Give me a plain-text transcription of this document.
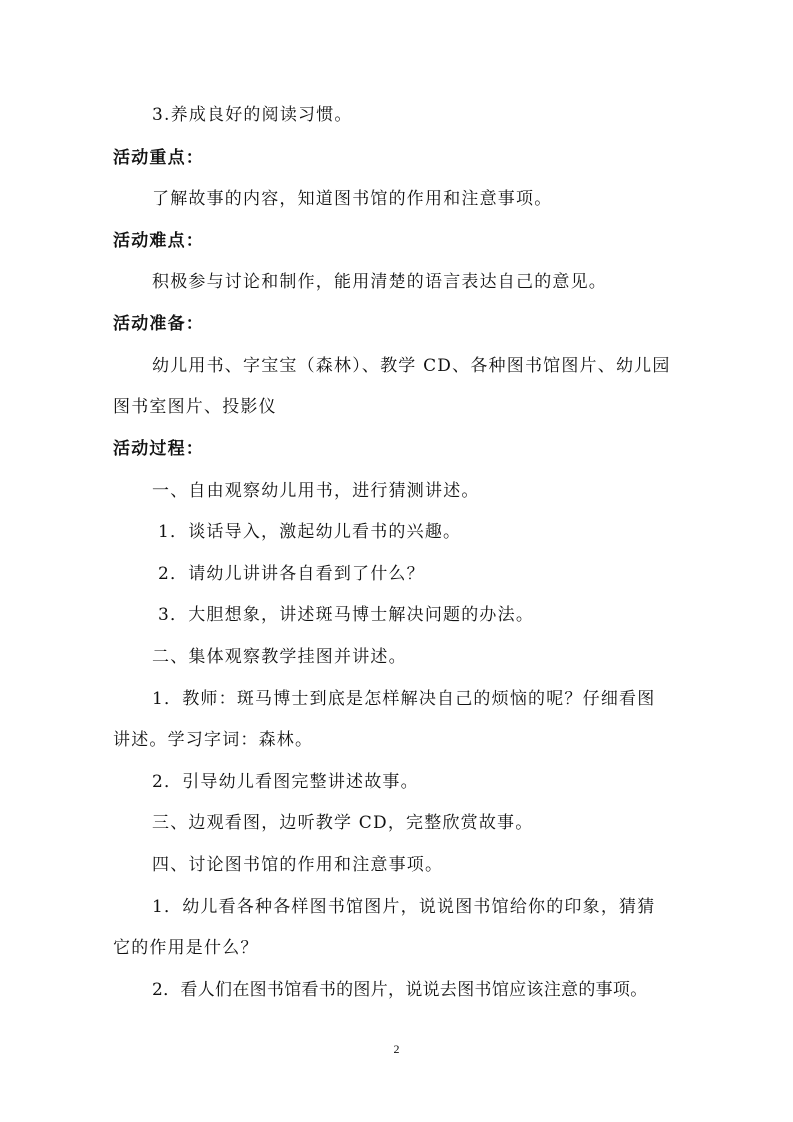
3.养成良好的阅读习惯。
活动重点：
了解故事的内容，知道图书馆的作用和注意事项。
活动难点：
积极参与讨论和制作，能用清楚的语言表达自己的意见。
活动准备：
幼儿用书、字宝宝（森林）、教学 CD、各种图书馆图片、幼儿园
图书室图片、投影仪
活动过程：
一、自由观察幼儿用书，进行猜测讲述。
1．谈话导入，激起幼儿看书的兴趣。
2．请幼儿讲讲各自看到了什么？
3．大胆想象，讲述斑马博士解决问题的办法。
二、集体观察教学挂图并讲述。
1．教师：斑马博士到底是怎样解决自己的烦恼的呢？仔细看图
讲述。学习字词：森林。
2．引导幼儿看图完整讲述故事。
三、边观看图，边听教学 CD，完整欣赏故事。
四、讨论图书馆的作用和注意事项。
1．幼儿看各种各样图书馆图片，说说图书馆给你的印象，猜猜
它的作用是什么？
2．看人们在图书馆看书的图片，说说去图书馆应该注意的事项。
2
